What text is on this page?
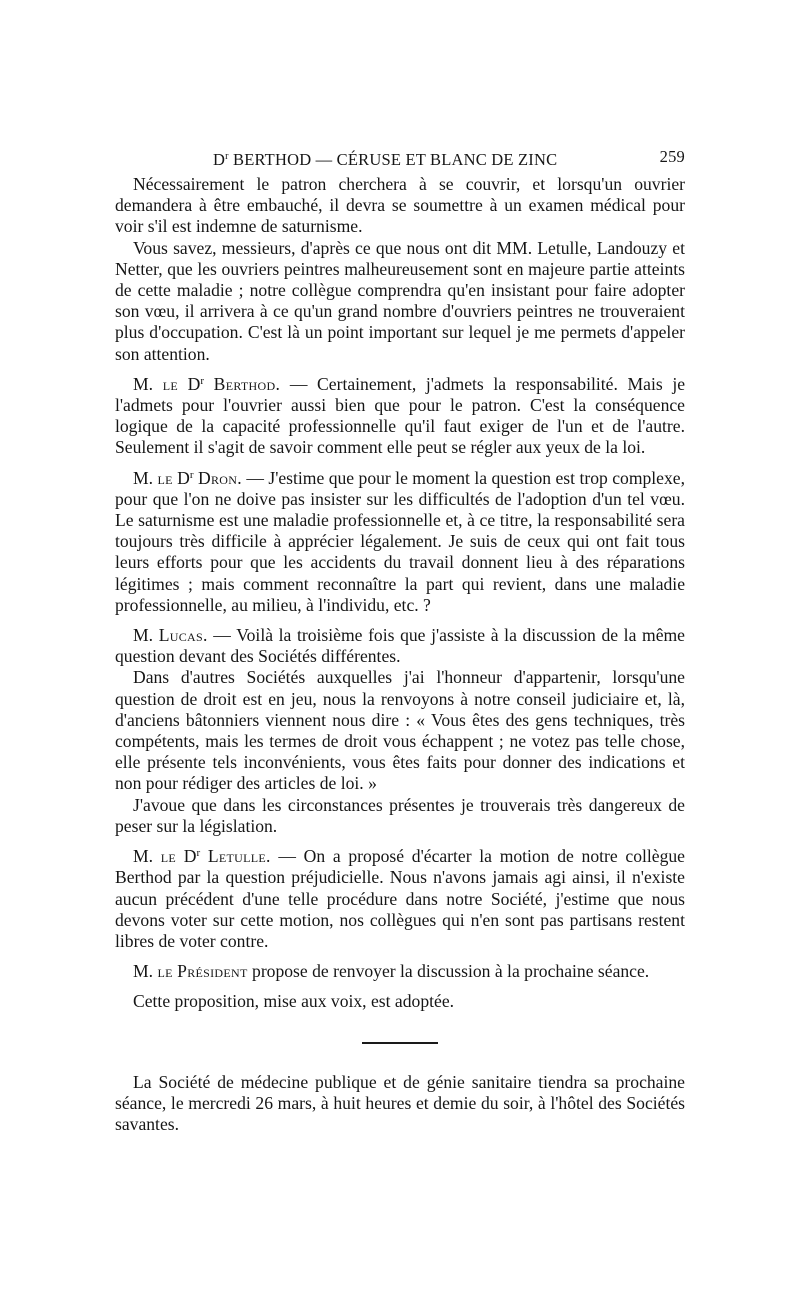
$D^r$ BERTHOD — CÉRUSE ET BLANC DE ZINC	259

Nécessairement le patron cherchera à se couvrir, et lorsqu'un ouvrier demandera à être embauché, il devra se soumettre à un examen médical pour voir s'il est indemne de saturnisme.

Vous savez, messieurs, d'après ce que nous ont dit MM. Letulle, Landouzy et Netter, que les ouvriers peintres malheureusement sont en majeure partie atteints de cette maladie ; notre collègue comprendra qu'en insistant pour faire adopter son vœu, il arrivera à ce qu'un grand nombre d'ouvriers peintres ne trouveraient plus d'occupation. C'est là un point important sur lequel je me permets d'appeler son attention.

M. le $D^r$ Berthod. — Certainement, j'admets la responsabilité. Mais je l'admets pour l'ouvrier aussi bien que pour le patron. C'est la conséquence logique de la capacité professionnelle qu'il faut exiger de l'un et de l'autre. Seulement il s'agit de savoir comment elle peut se régler aux yeux de la loi.

M. le $D^r$ Dron. — J'estime que pour le moment la question est trop complexe, pour que l'on ne doive pas insister sur les difficultés de l'adoption d'un tel vœu. Le saturnisme est une maladie professionnelle et, à ce titre, la responsabilité sera toujours très difficile à apprécier légalement. Je suis de ceux qui ont fait tous leurs efforts pour que les accidents du travail donnent lieu à des réparations légitimes ; mais comment reconnaître la part qui revient, dans une maladie professionnelle, au milieu, à l'individu, etc. ?

M. Lucas. — Voilà la troisième fois que j'assiste à la discussion de la même question devant des Sociétés différentes.

Dans d'autres Sociétés auxquelles j'ai l'honneur d'appartenir, lorsqu'une question de droit est en jeu, nous la renvoyons à notre conseil judiciaire et, là, d'anciens bâtonniers viennent nous dire : « Vous êtes des gens techniques, très compétents, mais les termes de droit vous échappent ; ne votez pas telle chose, elle présente tels inconvénients, vous êtes faits pour donner des indications et non pour rédiger des articles de loi. »

J'avoue que dans les circonstances présentes je trouverais très dangereux de peser sur la législation.

M. le $D^r$ Letulle. — On a proposé d'écarter la motion de notre collègue Berthod par la question préjudicielle. Nous n'avons jamais agi ainsi, il n'existe aucun précédent d'une telle procédure dans notre Société, j'estime que nous devons voter sur cette motion, nos collègues qui n'en sont pas partisans restent libres de voter contre.

M. le Président propose de renvoyer la discussion à la prochaine séance.

Cette proposition, mise aux voix, est adoptée.

La Société de médecine publique et de génie sanitaire tiendra sa prochaine séance, le mercredi 26 mars, à huit heures et demie du soir, à l'hôtel des Sociétés savantes.
